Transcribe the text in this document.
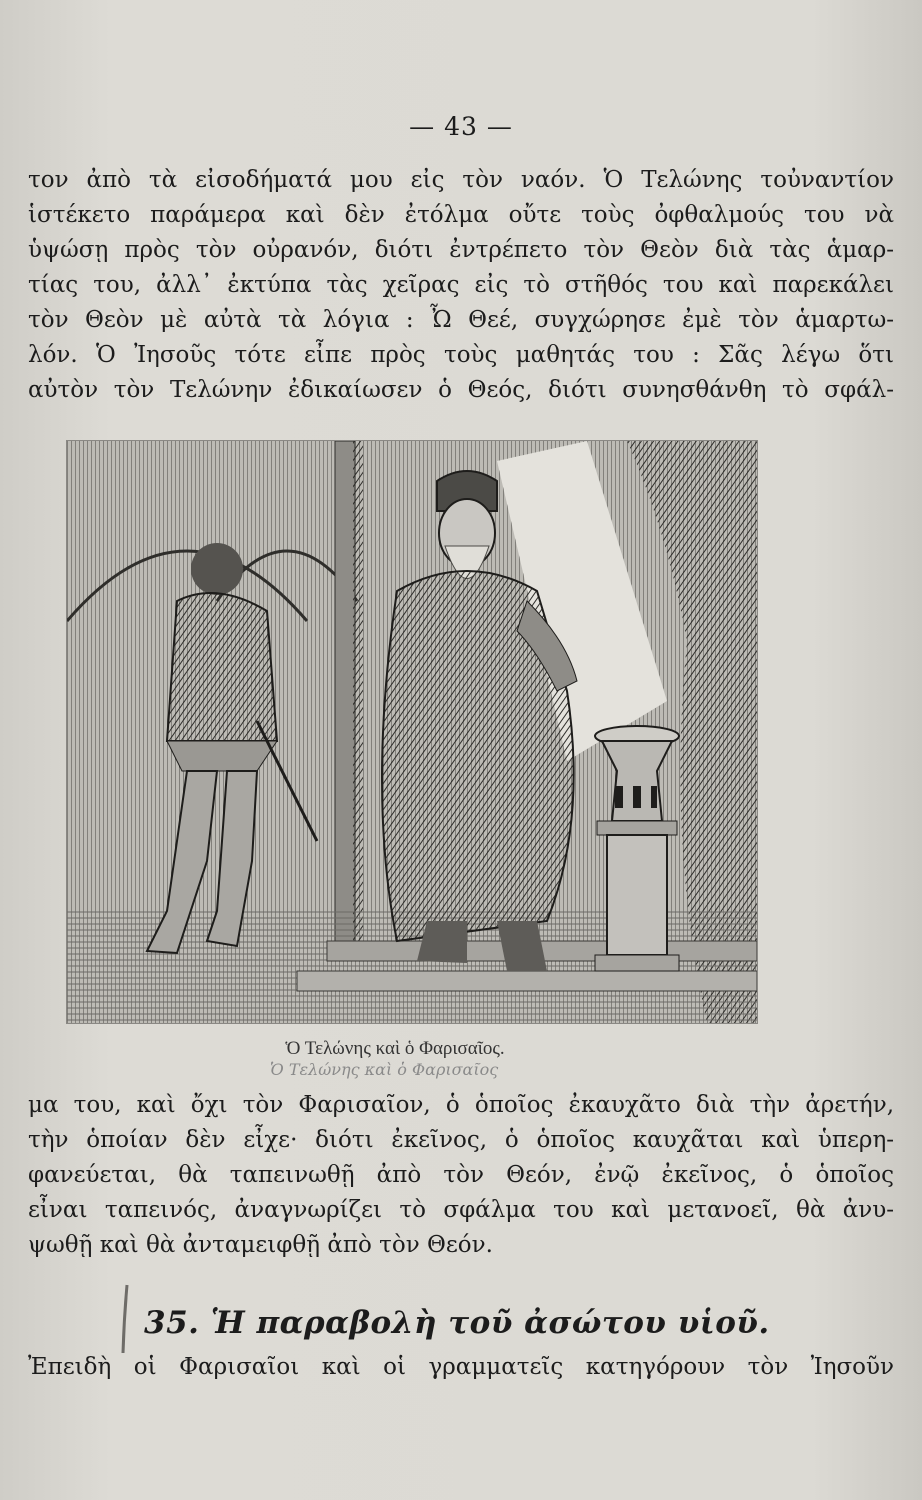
— 43 —
τον ἀπὸ τὰ εἰσοδήματά μου εἰς τὸν ναόν. Ὁ Τελώνης τοὐναντίον
ἱστέκετο παράμερα καὶ δὲν ἐτόλμα οὔτε τοὺς ὀφθαλμούς του νὰ
ὑψώσῃ πρὸς τὸν οὐρανόν, διότι ἐντρέπετο τὸν Θεὸν διὰ τὰς ἁμαρ-
τίας του, ἀλλ᾽ ἐκτύπα τὰς χεῖρας εἰς τὸ στῆθός του καὶ παρεκάλει
τὸν Θεὸν μὲ αὐτὰ τὰ λόγια : Ὦ Θεέ, συγχώρησε ἐμὲ τὸν ἁμαρτω-
λόν. Ὁ Ἰησοῦς τότε εἶπε πρὸς τοὺς μαθητάς του : Σᾶς λέγω ὅτι
αὐτὸν τὸν Τελώνην ἐδικαίωσεν ὁ Θεός, διότι συνησθάνθη τὸ σφάλ-
Ὁ Τελώνης καὶ ὁ Φαρισαῖος.
Ὁ Τελώνης καὶ ὁ Φαρισαῖος
μα του, καὶ ὄχι τὸν Φαρισαῖον, ὁ ὁποῖος ἐκαυχᾶτο διὰ τὴν ἀρετήν,
τὴν ὁποίαν δὲν εἶχε· διότι ἐκεῖνος, ὁ ὁποῖος καυχᾶται καὶ ὑπερη-
φανεύεται, θὰ ταπεινωθῇ ἀπὸ τὸν Θεόν, ἐνῷ ἐκεῖνος, ὁ ὁποῖος
εἶναι ταπεινός, ἀναγνωρίζει τὸ σφάλμα του καὶ μετανοεῖ, θὰ ἀνυ-
ψωθῇ καὶ θὰ ἀνταμειφθῇ ἀπὸ τὸν Θεόν.
35. Ἡ παραβολὴ τοῦ ἀσώτου υἱοῦ.
Ἐπειδὴ οἱ Φαρισαῖοι καὶ οἱ γραμματεῖς κατηγόρουν τὸν Ἰησοῦν
